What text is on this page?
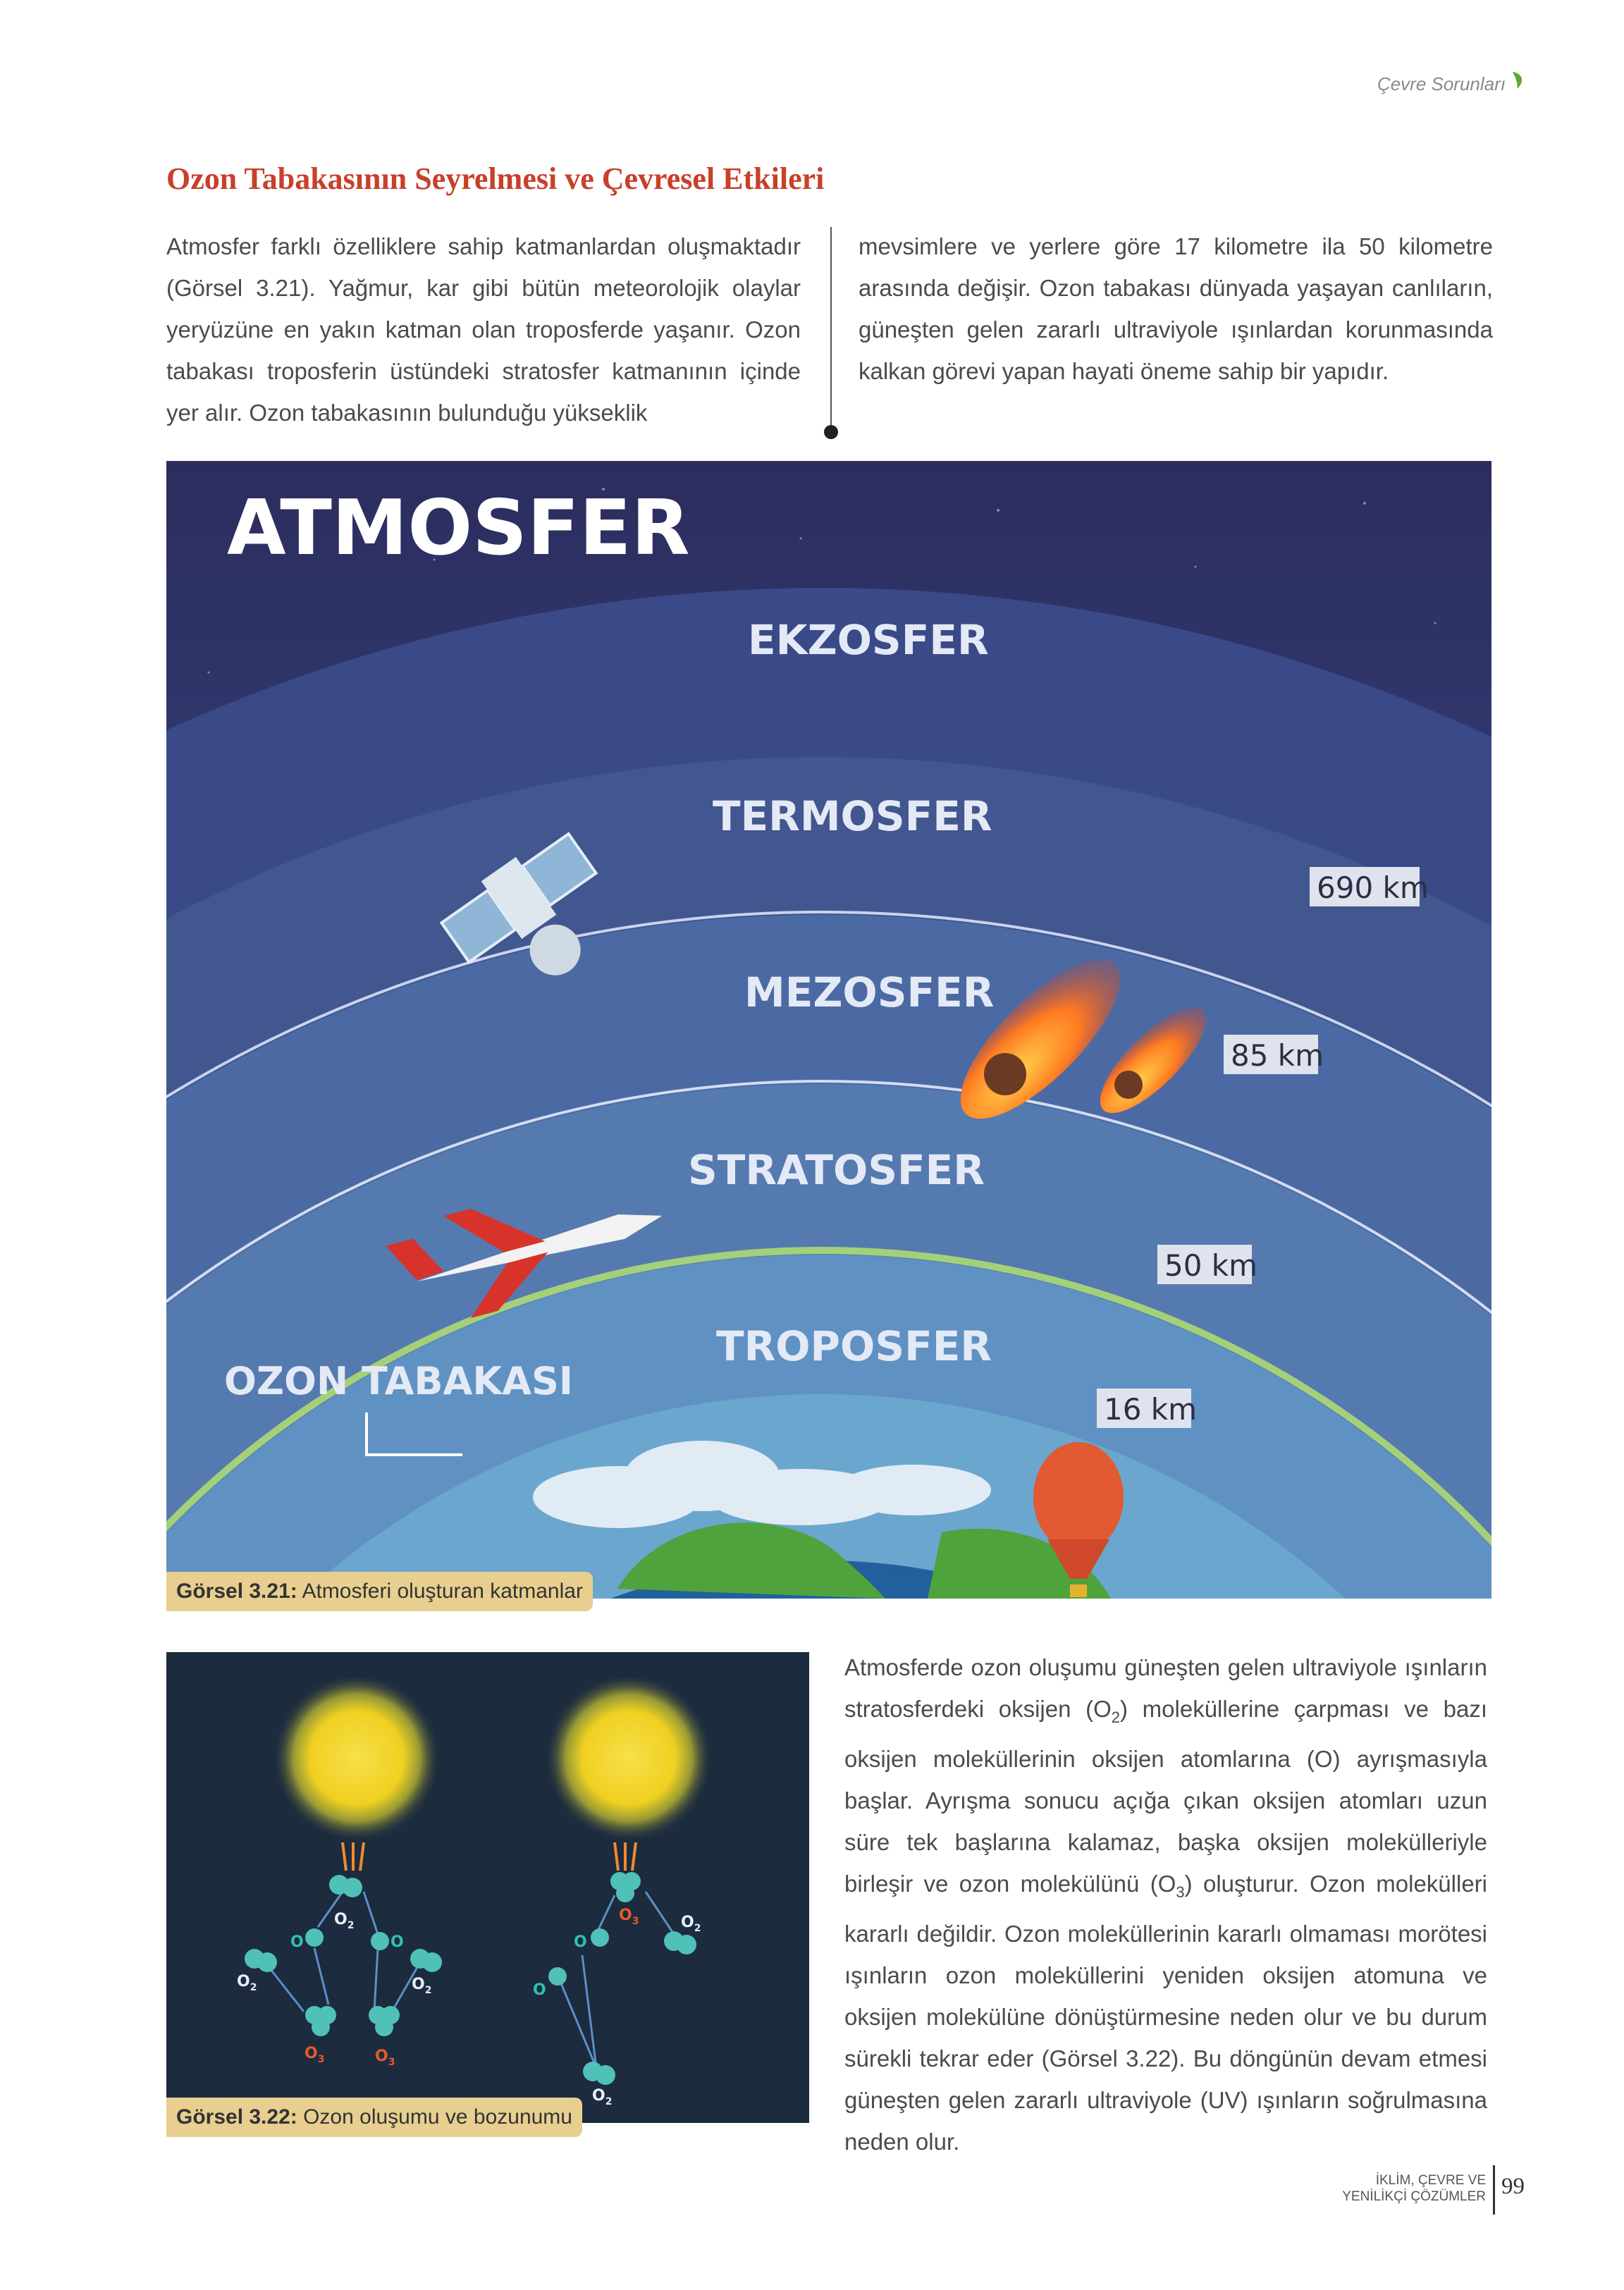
Çevre Sorunları
Ozon Tabakasının Seyrelmesi ve Çevresel Etkileri
Atmosfer farklı özelliklere sahip katmanlardan oluşmaktadır (Görsel 3.21). Yağmur, kar gibi bütün meteorolojik olaylar yeryüzüne en yakın katman olan troposferde yaşanır. Ozon tabakası troposferin üstündeki stratosfer katmanının içinde yer alır. Ozon tabakasının bulunduğu yükseklik
mevsimlere ve yerlere göre 17 kilometre ila 50 kilometre arasında değişir. Ozon tabakası dünyada yaşayan canlıların, güneşten gelen zararlı ultraviyole ışınlardan korunmasında kalkan görevi yapan hayati öneme sahip bir yapıdır.
ATMOSFER
EKZOSFER
TERMOSFER
MEZOSFER
STRATOSFER
TROPOSFER
OZON TABAKASI
690 km
85 km
50 km
16 km
Görsel 3.21: Atmosferi oluşturan katmanlar
$O_2$
O	O
$O_2$	$O_2$
$O_3$	$O_3$
$O_3$	$O_2$
O
O
$O_2$
Görsel 3.22: Ozon oluşumu ve bozunumu

Atmosferde ozon oluşumu güneşten gelen ultraviyole ışınların stratosferdeki oksijen $(O_2)$ moleküllerine çarpması ve bazı oksijen moleküllerinin oksijen atomlarına (O) ayrışmasıyla başlar. Ayrışma sonucu açığa çıkan oksijen atomları uzun süre tek başlarına kalamaz, başka oksijen molekülleriyle birleşir ve ozon molekülünü $(O_3)$ oluşturur. Ozon molekülleri kararlı değildir. Ozon moleküllerinin kararlı olmaması morötesi ışınların ozon moleküllerini yeniden oksijen atomuna ve oksijen molekülüne dönüştürmesine neden olur ve bu durum sürekli tekrar eder (Görsel 3.22). Bu döngünün devam etmesi güneşten gelen zararlı ultraviyole (UV) ışınların soğrulmasına neden olur.

İKLİM, ÇEVRE VE
YENİLİKÇİ ÇÖZÜMLER 99
